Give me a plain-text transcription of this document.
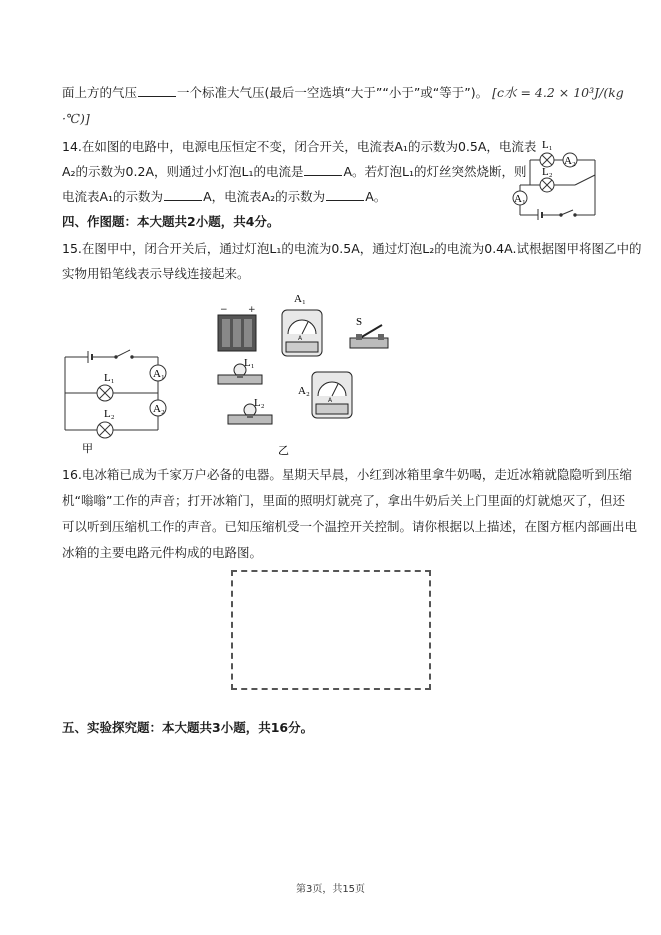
面上方的气压	一个标准大气压(最后一空选填“大于”“小于”或“等于”)。 [c水 = 4.2 × 10³J/(kg
·℃)]
14.在如图的电路中，电源电压恒定不变，闭合开关，电流表A₁的示数为0.5A，电流表
A₂的示数为0.2A，则通过小灯泡L₁的电流是	A。若灯泡L₁的灯丝突然烧断，则
电流表A₁的示数为	A，电流表A₂的示数为	A。
L₁
A₂
L₂
A₁
四、作图题：本大题共2小题，共4分。
15.在图甲中，闭合开关后，通过灯泡L₁的电流为0.5A，通过灯泡L₂的电流为0.4A.试根据图甲将图乙中的
实物用铅笔线表示导线连接起来。
L₁	A₁
L₂	A₂
甲
− +
A
A₁
S
L₁
L₂	A
A₂
乙
16.电冰箱已成为千家万户必备的电器。星期天早晨，小红到冰箱里拿牛奶喝，走近冰箱就隐隐听到压缩
机“嗡嗡”工作的声音；打开冰箱门，里面的照明灯就亮了，拿出牛奶后关上门里面的灯就熄灭了，但还
可以听到压缩机工作的声音。已知压缩机受一个温控开关控制。请你根据以上描述，在图方框内部画出电
冰箱的主要电路元件构成的电路图。
五、实验探究题：本大题共3小题，共16分。
第3页，共15页
